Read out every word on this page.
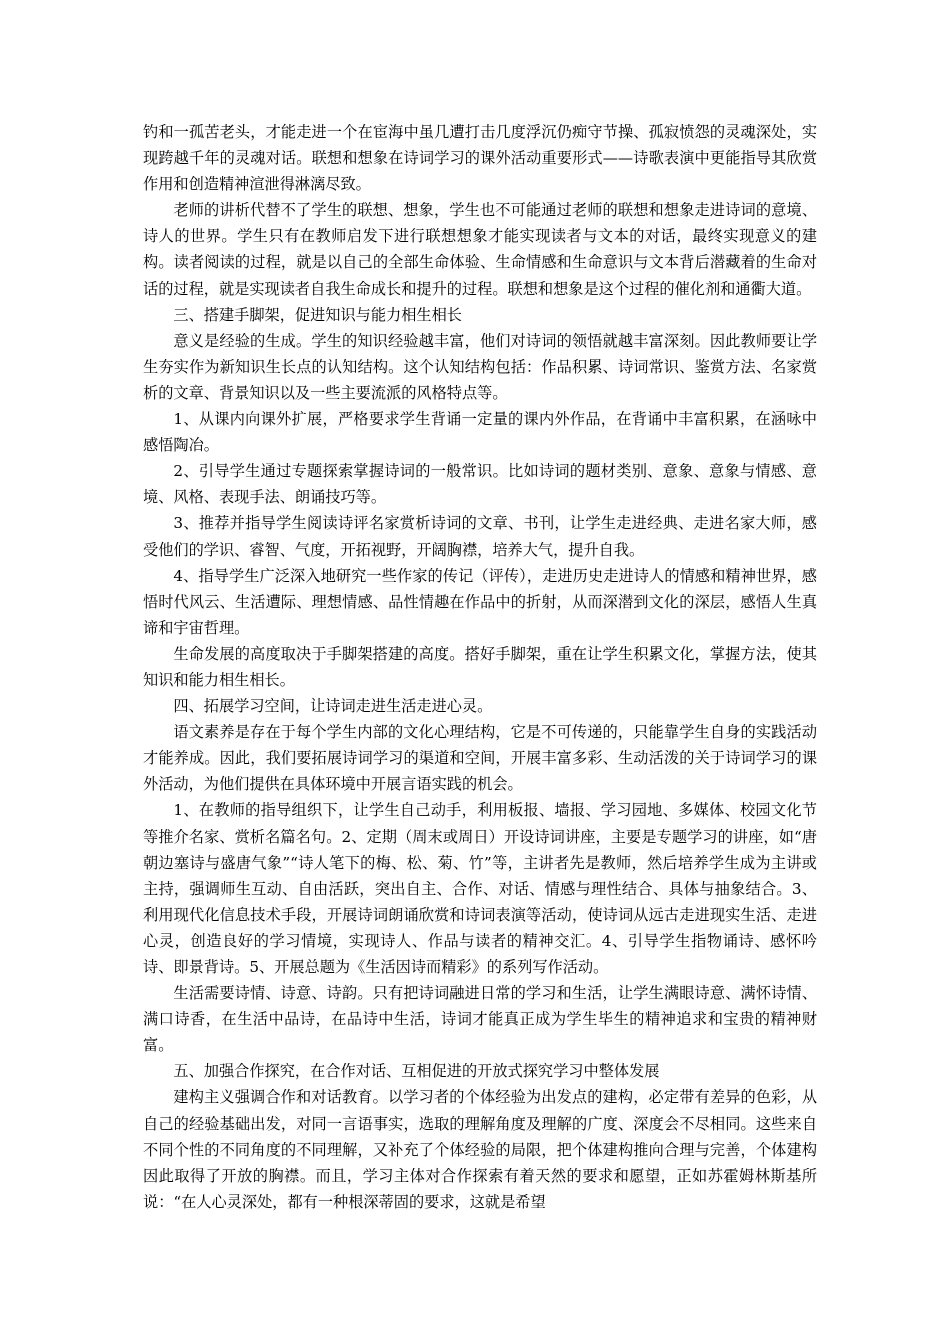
钓和一孤苦老头，才能走进一个在宦海中虽几遭打击几度浮沉仍痴守节操、孤寂愤怨的灵魂深处，实现跨越千年的灵魂对话。联想和想象在诗词学习的课外活动重要形式——诗歌表演中更能指导其欣赏作用和创造精神渲泄得淋漓尽致。

老师的讲析代替不了学生的联想、想象，学生也不可能通过老师的联想和想象走进诗词的意境、诗人的世界。学生只有在教师启发下进行联想想象才能实现读者与文本的对话，最终实现意义的建构。读者阅读的过程，就是以自己的全部生命体验、生命情感和生命意识与文本背后潜藏着的生命对话的过程，就是实现读者自我生命成长和提升的过程。联想和想象是这个过程的催化剂和通衢大道。

三、搭建手脚架，促进知识与能力相生相长

意义是经验的生成。学生的知识经验越丰富，他们对诗词的领悟就越丰富深刻。因此教师要让学生夯实作为新知识生长点的认知结构。这个认知结构包括：作品积累、诗词常识、鉴赏方法、名家赏析的文章、背景知识以及一些主要流派的风格特点等。

1、从课内向课外扩展，严格要求学生背诵一定量的课内外作品，在背诵中丰富积累，在涵咏中感悟陶冶。

2、引导学生通过专题探索掌握诗词的一般常识。比如诗词的题材类别、意象、意象与情感、意境、风格、表现手法、朗诵技巧等。

3、推荐并指导学生阅读诗评名家赏析诗词的文章、书刊，让学生走进经典、走进名家大师，感受他们的学识、睿智、气度，开拓视野，开阔胸襟，培养大气，提升自我。

4、指导学生广泛深入地研究一些作家的传记（评传），走进历史走进诗人的情感和精神世界，感悟时代风云、生活遭际、理想情感、品性情趣在作品中的折射，从而深潜到文化的深层，感悟人生真谛和宇宙哲理。

生命发展的高度取决于手脚架搭建的高度。搭好手脚架，重在让学生积累文化，掌握方法，使其知识和能力相生相长。

四、拓展学习空间，让诗词走进生活走进心灵。

语文素养是存在于每个学生内部的文化心理结构，它是不可传递的，只能靠学生自身的实践活动才能养成。因此，我们要拓展诗词学习的渠道和空间，开展丰富多彩、生动活泼的关于诗词学习的课外活动，为他们提供在具体环境中开展言语实践的机会。

1、在教师的指导组织下，让学生自己动手，利用板报、墙报、学习园地、多媒体、校园文化节等推介名家、赏析名篇名句。2、定期（周末或周日）开设诗词讲座，主要是专题学习的讲座，如“唐朝边塞诗与盛唐气象”“诗人笔下的梅、松、菊、竹”等，主讲者先是教师，然后培养学生成为主讲或主持，强调师生互动、自由活跃，突出自主、合作、对话、情感与理性结合、具体与抽象结合。3、利用现代化信息技术手段，开展诗词朗诵欣赏和诗词表演等活动，使诗词从远古走进现实生活、走进心灵，创造良好的学习情境，实现诗人、作品与读者的精神交汇。4、引导学生指物诵诗、感怀吟诗、即景背诗。5、开展总题为《生活因诗而精彩》的系列写作活动。

生活需要诗情、诗意、诗韵。只有把诗词融进日常的学习和生活，让学生满眼诗意、满怀诗情、满口诗香，在生活中品诗，在品诗中生活，诗词才能真正成为学生毕生的精神追求和宝贵的精神财富。

五、加强合作探究，在合作对话、互相促进的开放式探究学习中整体发展

建构主义强调合作和对话教育。以学习者的个体经验为出发点的建构，必定带有差异的色彩，从自己的经验基础出发，对同一言语事实，选取的理解角度及理解的广度、深度会不尽相同。这些来自不同个性的不同角度的不同理解，又补充了个体经验的局限，把个体建构推向合理与完善，个体建构因此取得了开放的胸襟。而且，学习主体对合作探索有着天然的要求和愿望，正如苏霍姆林斯基所说：“在人心灵深处，都有一种根深蒂固的要求，这就是希望
